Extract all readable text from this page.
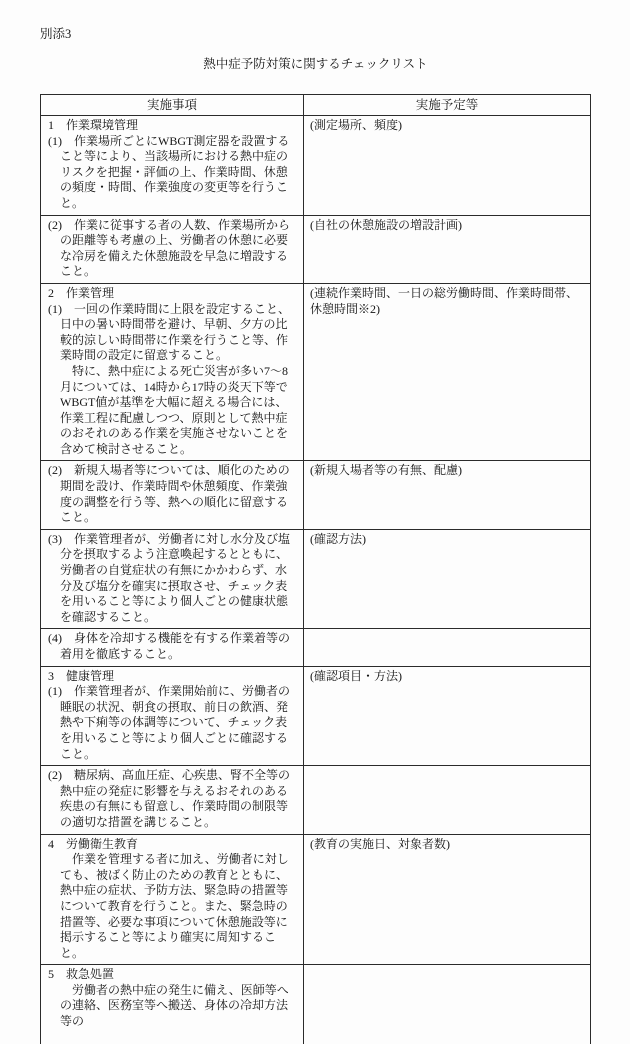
別添3
熱中症予防対策に関するチェックリスト
実施事項	実施予定等

1　作業環境管理
(1)　作業場所ごとにWBGT測定器を設置すること等により、当該場所における熱中症のリスクを把握・評価の上、作業時間、休憩の頻度・時間、作業強度の変更等を行うこと。	(測定場所、頻度)

(2)　作業に従事する者の人数、作業場所からの距離等も考慮の上、労働者の休憩に必要な冷房を備えた休憩施設を早急に増設すること。	(自社の休憩施設の増設計画)

2　作業管理
(1)　一回の作業時間に上限を設定すること、日中の暑い時間帯を避け、早朝、夕方の比較的涼しい時間帯に作業を行うこと等、作業時間の設定に留意すること。
特に、熱中症による死亡災害が多い7～8月については、14時から17時の炎天下等でWBGT値が基準を大幅に超える場合には、作業工程に配慮しつつ、原則として熱中症のおそれのある作業を実施させないことを含めて検討させること。	(連続作業時間、一日の総労働時間、作業時間帯、休憩時間※2)

(2)　新規入場者等については、順化のための期間を設け、作業時間や休憩頻度、作業強度の調整を行う等、熱への順化に留意すること。	(新規入場者等の有無、配慮)

(3)　作業管理者が、労働者に対し水分及び塩分を摂取するよう注意喚起するとともに、労働者の自覚症状の有無にかかわらず、水分及び塩分を確実に摂取させ、チェック表を用いること等により個人ごとの健康状態を確認すること。	(確認方法)

(4)　身体を冷却する機能を有する作業着等の着用を徹底すること。	

3　健康管理
(1)　作業管理者が、作業開始前に、労働者の睡眠の状況、朝食の摂取、前日の飲酒、発熱や下痢等の体調等について、チェック表を用いること等により個人ごとに確認すること。	(確認項目・方法)

(2)　糖尿病、高血圧症、心疾患、腎不全等の熱中症の発症に影響を与えるおそれのある疾患の有無にも留意し、作業時間の制限等の適切な措置を講じること。	

4　労働衛生教育
作業を管理する者に加え、労働者に対しても、被ばく防止のための教育とともに、熱中症の症状、予防方法、緊急時の措置等について教育を行うこと。また、緊急時の措置等、必要な事項について休憩施設等に掲示すること等により確実に周知すること。	(教育の実施日、対象者数)

5　救急処置
労働者の熱中症の発生に備え、医師等への連絡、医務室等へ搬送、身体の冷却方法等の	
